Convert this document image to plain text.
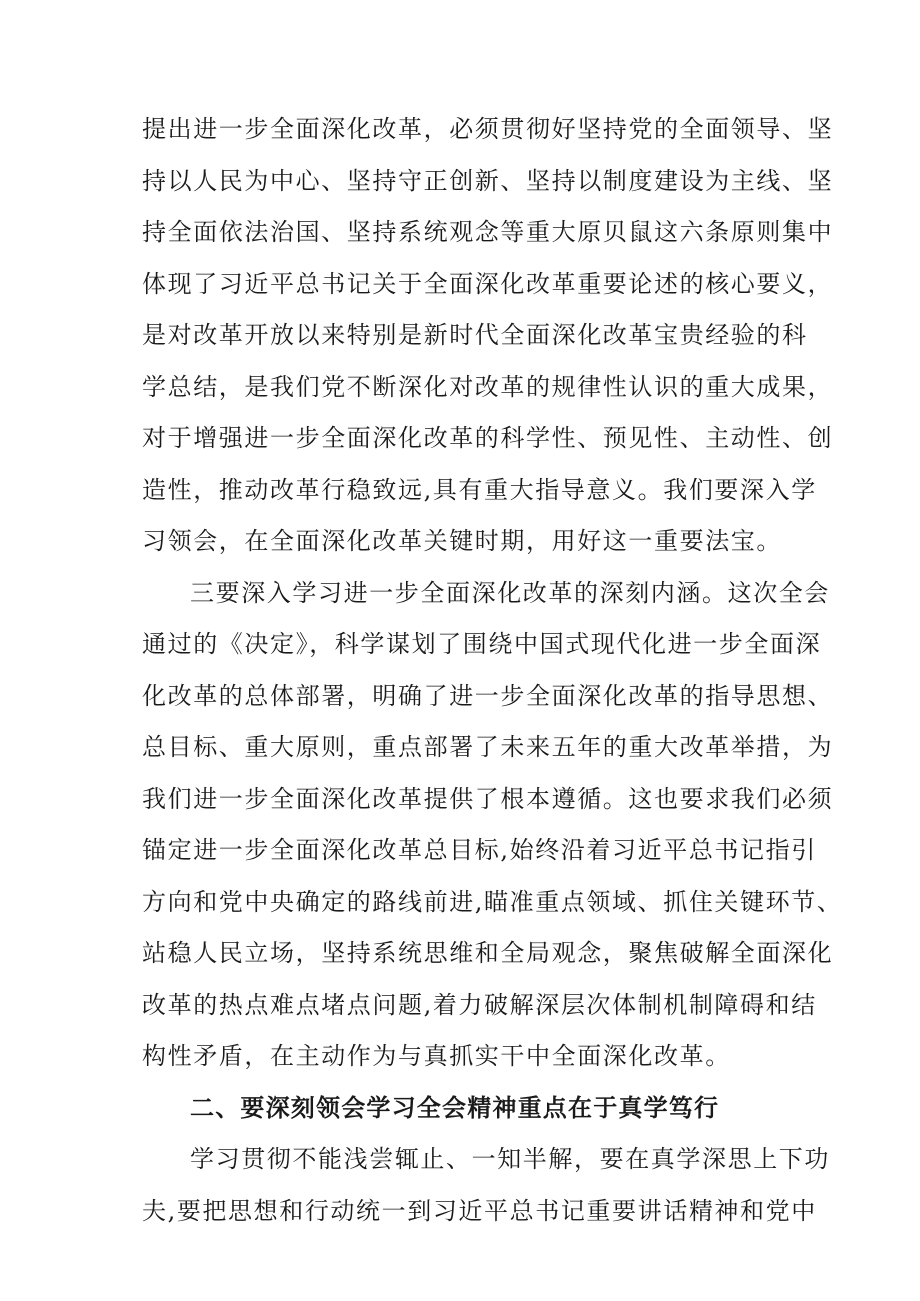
提出进一步全面深化改革，必须贯彻好坚持党的全面领导、坚
持以人民为中心、坚持守正创新、坚持以制度建设为主线、坚
持全面依法治国、坚持系统观念等重大原贝鼠这六条原则集中
体现了习近平总书记关于全面深化改革重要论述的核心要义，
是对改革开放以来特别是新时代全面深化改革宝贵经验的科
学总结，是我们党不断深化对改革的规律性认识的重大成果，
对于增强进一步全面深化改革的科学性、预见性、主动性、创
造性，推动改革行稳致远,具有重大指导意义。我们要深入学
习领会，在全面深化改革关键时期，用好这一重要法宝。
三要深入学习进一步全面深化改革的深刻内涵。这次全会
通过的《决定》，科学谋划了围绕中国式现代化进一步全面深
化改革的总体部署，明确了进一步全面深化改革的指导思想、
总目标、重大原则，重点部署了未来五年的重大改革举措，为
我们进一步全面深化改革提供了根本遵循。这也要求我们必须
锚定进一步全面深化改革总目标,始终沿着习近平总书记指引
方向和党中央确定的路线前进,瞄准重点领域、抓住关键环节、
站稳人民立场，坚持系统思维和全局观念，聚焦破解全面深化
改革的热点难点堵点问题,着力破解深层次体制机制障碍和结
构性矛盾，在主动作为与真抓实干中全面深化改革。
二、要深刻领会学习全会精神重点在于真学笃行
学习贯彻不能浅尝辄止、一知半解，要在真学深思上下功
夫,要把思想和行动统一到习近平总书记重要讲话精神和党中
